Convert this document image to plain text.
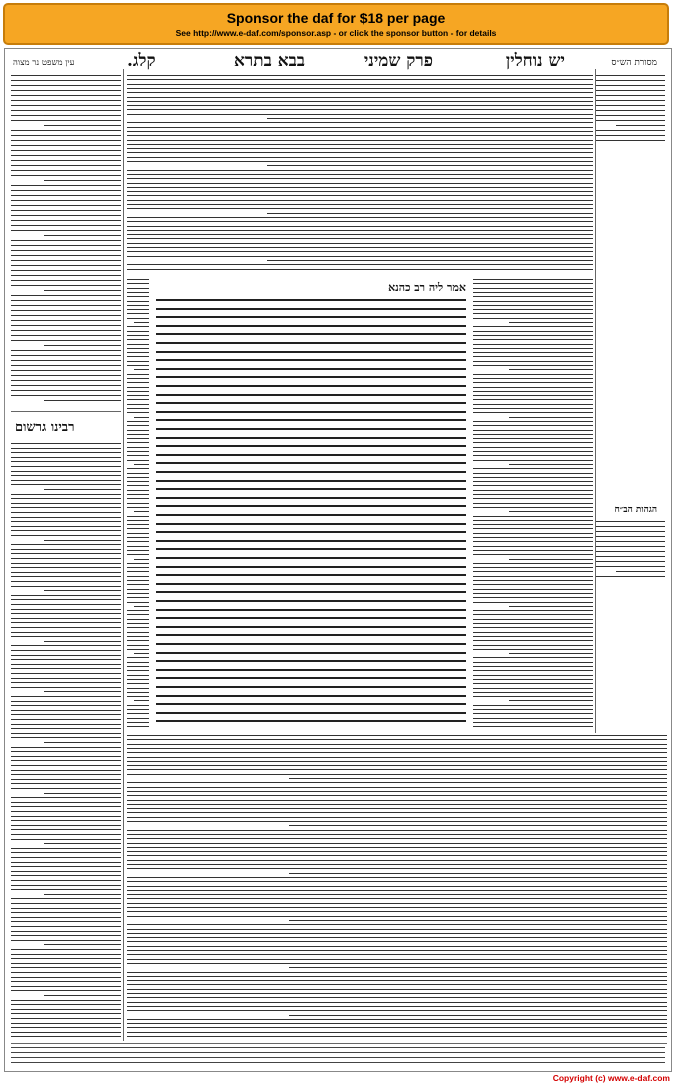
Sponsor the daf for $18 per page
See http://www.e-daf.com/sponsor.asp - or click the sponsor button - for details
יש נוחלין
פרק שמיני
בבא בתרא
קלג.	מסורת הש״ס
עין משפט נר מצוה
הגהות הב״ח
רבינו גרשום
אמר ליה רב כהנא
Copyright (c) www.e-daf.com
